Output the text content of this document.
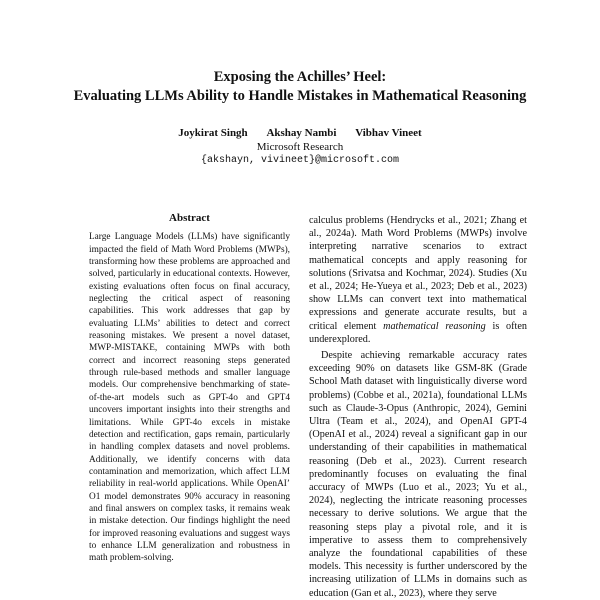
Exposing the Achilles’ Heel:
Evaluating LLMs Ability to Handle Mistakes in Mathematical Reasoning
Joykirat Singh Akshay Nambi Vibhav Vineet
Microsoft Research
{akshayn, vivineet}@microsoft.com
Abstract

Large Language Models (LLMs) have significantly impacted the field of Math Word Problems (MWPs), transforming how these problems are approached and solved, particularly in educational contexts. However, existing evaluations often focus on final accuracy, neglecting the critical aspect of reasoning capabilities. This work addresses that gap by evaluating LLMs’ abilities to detect and correct reasoning mistakes. We present a novel dataset, MWP-MISTAKE, containing MWPs with both correct and incorrect reasoning steps generated through rule-based methods and smaller language models. Our comprehensive benchmarking of state-of-the-art models such as GPT-4o and GPT4 uncovers important insights into their strengths and limitations. While GPT-4o excels in mistake detection and rectification, gaps remain, particularly in handling complex datasets and novel problems. Additionally, we identify concerns with data contamination and memorization, which affect LLM reliability in real-world applications. While OpenAI’ O1 model demonstrates 90% accuracy in reasoning and final answers on complex tasks, it remains weak in mistake detection. Our findings highlight the need for improved reasoning evaluations and suggest ways to enhance LLM generalization and robustness in math problem-solving.

calculus problems (Hendrycks et al., 2021; Zhang et al., 2024a). Math Word Problems (MWPs) involve interpreting narrative scenarios to extract mathematical concepts and apply reasoning for solutions (Srivatsa and Kochmar, 2024). Studies (Xu et al., 2024; He-Yueya et al., 2023; Deb et al., 2023) show LLMs can convert text into mathematical expressions and generate accurate results, but a critical element mathematical reasoning is often underexplored.

Despite achieving remarkable accuracy rates exceeding 90% on datasets like GSM-8K (Grade School Math dataset with linguistically diverse word problems) (Cobbe et al., 2021a), foundational LLMs such as Claude-3-Opus (Anthropic, 2024), Gemini Ultra (Team et al., 2024), and OpenAI GPT-4 (OpenAI et al., 2024) reveal a significant gap in our understanding of their capabilities in mathematical reasoning (Deb et al., 2023). Current research predominantly focuses on evaluating the final accuracy of MWPs (Luo et al., 2023; Yu et al., 2024), neglecting the intricate reasoning processes necessary to derive solutions. We argue that the reasoning steps play a pivotal role, and it is imperative to assess them to comprehensively analyze the foundational capabilities of these models. This necessity is further underscored by the increasing utilization of LLMs in domains such as education (Gan et al., 2023), where they serve
